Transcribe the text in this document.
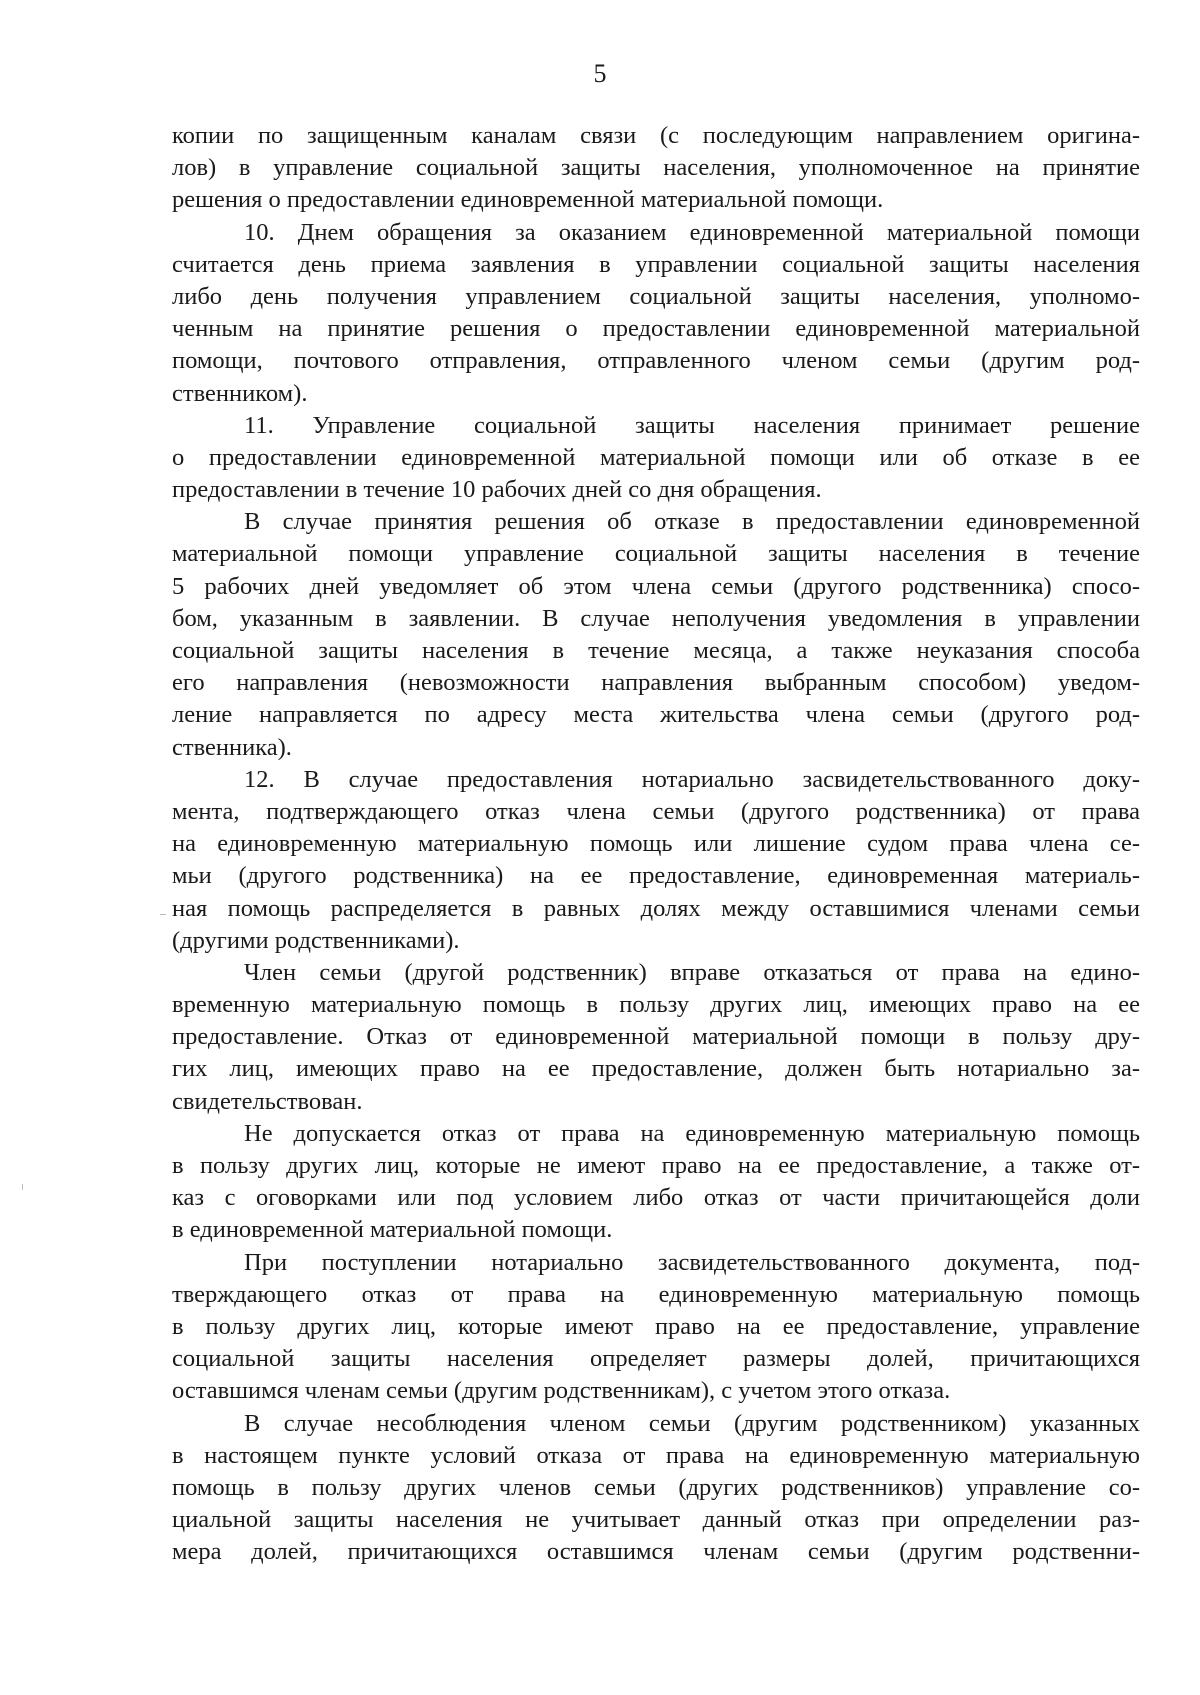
5
копии по защищенным каналам связи (с последующим направлением оригина-
лов) в управление социальной защиты населения, уполномоченное на принятие
решения о предоставлении единовременной материальной помощи.
10. Днем обращения за оказанием единовременной материальной помощи
считается день приема заявления в управлении социальной защиты населения
либо день получения управлением социальной защиты населения, уполномо-
ченным на принятие решения о предоставлении единовременной материальной
помощи, почтового отправления, отправленного членом семьи (другим род-
ственником).
11. Управление социальной защиты населения принимает решение
о предоставлении единовременной материальной помощи или об отказе в ее
предоставлении в течение 10 рабочих дней со дня обращения.
В случае принятия решения об отказе в предоставлении единовременной
материальной помощи управление социальной защиты населения в течение
5 рабочих дней уведомляет об этом члена семьи (другого родственника) спосо-
бом, указанным в заявлении. В случае неполучения уведомления в управлении
социальной защиты населения в течение месяца, а также неуказания способа
его направления (невозможности направления выбранным способом) уведом-
ление направляется по адресу места жительства члена семьи (другого род-
ственника).
12. В случае предоставления нотариально засвидетельствованного доку-
мента, подтверждающего отказ члена семьи (другого родственника) от права
на единовременную материальную помощь или лишение судом права члена се-
мьи (другого родственника) на ее предоставление, единовременная материаль-
ная помощь распределяется в равных долях между оставшимися членами семьи
(другими родственниками).
Член семьи (другой родственник) вправе отказаться от права на едино-
временную материальную помощь в пользу других лиц, имеющих право на ее
предоставление. Отказ от единовременной материальной помощи в пользу дру-
гих лиц, имеющих право на ее предоставление, должен быть нотариально за-
свидетельствован.
Не допускается отказ от права на единовременную материальную помощь
в пользу других лиц, которые не имеют право на ее предоставление, а также от-
каз с оговорками или под условием либо отказ от части причитающейся доли
в единовременной материальной помощи.
При поступлении нотариально засвидетельствованного документа, под-
тверждающего отказ от права на единовременную материальную помощь
в пользу других лиц, которые имеют право на ее предоставление, управление
социальной защиты населения определяет размеры долей, причитающихся
оставшимся членам семьи (другим родственникам), с учетом этого отказа.
В случае несоблюдения членом семьи (другим родственником) указанных
в настоящем пункте условий отказа от права на единовременную материальную
помощь в пользу других членов семьи (других родственников) управление со-
циальной защиты населения не учитывает данный отказ при определении раз-
мера долей, причитающихся оставшимся членам семьи (другим родственни-
